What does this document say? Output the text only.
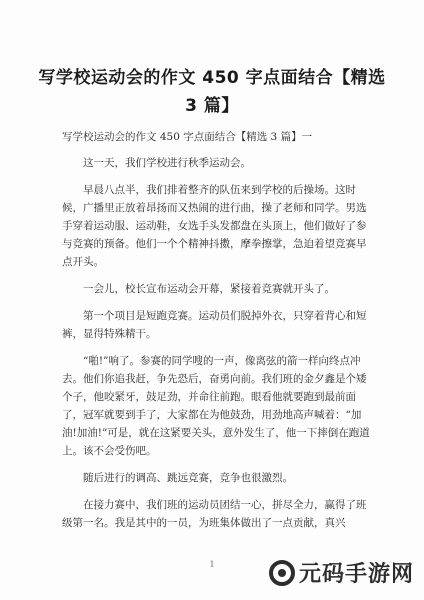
写学校运动会的作文 450 字点面结合【精选 3 篇】

写学校运动会的作文 450 字点面结合【精选 3 篇】一

这一天，我们学校进行秋季运动会。

早晨八点半，我们排着整齐的队伍来到学校的后操场。这时候，广播里正放着昂扬而又热闹的进行曲，操了老师和同学。男选手穿着运动服、运动鞋，女选手头发都盘在头顶上，他们做好了参与竞赛的预备。他们一个个精神抖擞，摩拳擦掌，急迫着望竞赛早点开头。

一会儿，校长宣布运动会开幕，紧接着竞赛就开头了。

第一个项目是短跑竞赛。运动员们脱掉外衣，只穿着背心和短裤，显得特殊精干。

“啪!”响了。参赛的同学嗖的一声，像离弦的箭一样向终点冲去。他们你追我赶，争先恐后，奋勇向前。我们班的金夕鑫是个矮个子，他咬紧牙，鼓足劲，并命往前跑。眼看他就要跑到最前面了，冠军就要到手了，大家都在为他鼓劲，用劲地高声喊着：“加油!加油!”可是，就在这紧要关头，意外发生了，他一下摔倒在跑道上。该不会受伤吧。

随后进行的调高、跳远竞赛，竞争也很激烈。

在接力赛中，我们班的运动员团结一心，拼尽全力，赢得了班级第一名。我是其中的一员，为班集体做出了一点贡献，真兴

1	元码手游网
